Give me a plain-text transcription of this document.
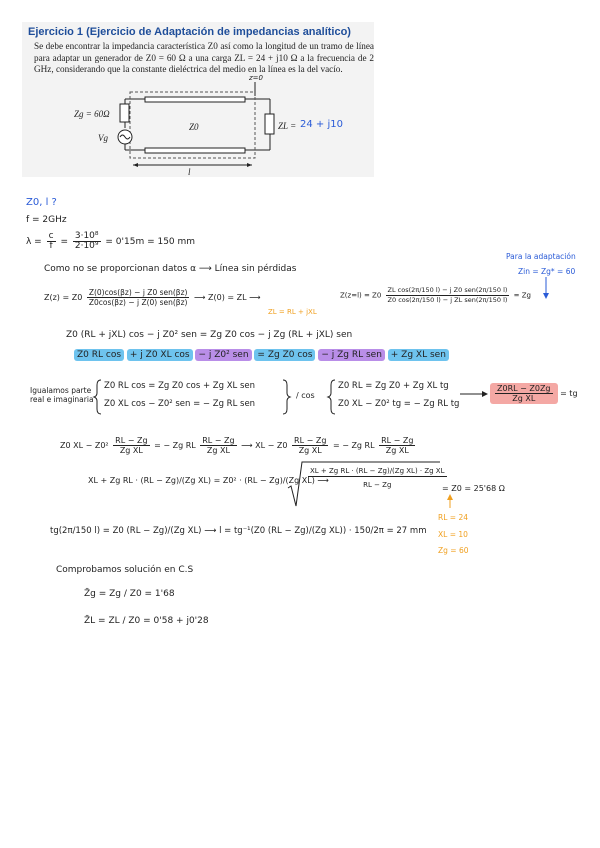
Ejercicio 1 (Ejercicio de Adaptación de impedancias analítico)
Se debe encontrar la impedancia característica Z0 así como la longitud de un tramo de línea para adaptar un generador de Z0 = 60 Ω a una carga ZL = 24 + j10 Ω a la frecuencia de 2 GHz, considerando que la constante dieléctrica del medio en la línea es la del vacío.
Zg = 60Ω
Vg
Z0
z=0
l
ZL = 24 + j10
Z0, l ?
f = 2GHz
$\lambda = \frac{c}{f} = \frac{\text{3·10⁸}}{\text{2·10⁹}} = 0'15m = 150$ mm
Para la adaptación
Zin = Zg* = 60
Como no se proporcionan datos α ⟶ Línea sin pérdidas
$Z(z) = Z0 \frac{\text{Z(0)cos(βz) − j Z0 sen(βz)}}{\text{Z0cos(βz) − j Z(0) sen(βz)}}$ ⟶ Z(0) = ZL ⟶
ZL = RL + jXL
$Z(z=l) = Z0 \frac{\text{ZL cos(2π/150 l) − j Z0 sen(2π/150 l)}}{\text{Z0 cos(2π/150 l) − j ZL sen(2π/150 l)}} = Zg$
Z0 (RL + jXL) cos − j Z0² sen = Zg Z0 cos − j Zg (RL + jXL) sen
Z0 RL cos + j Z0 XL cos − j Z0² sen = Zg Z0 cos − j Zg RL sen + Zg XL sen
Igualamos parte real e imaginaria
Z0 RL cos = Zg Z0 cos + Zg XL sen
Z0 XL cos − Z0² sen = − Zg RL sen
/ cos
Z0 RL = Zg Z0 + Zg XL tg
Z0 XL − Z0² tg = − Zg RL tg
$\frac{Z0RL - Z0Zg}{\text{Zg XL}}$ = tg
Z0 XL − $Z0^2 \frac{RL - Zg}{\text{Zg XL}}$ = − Zg RL $\frac{RL - Zg}{\text{Zg XL}}$ ⟶ XL − $Z0 \frac{RL - Zg}{\text{Zg XL}}$ = − Zg RL $\frac{RL - Zg}{\text{Zg XL}}$
XL + Zg RL · (RL − Zg)/(Zg XL) = Z0² · (RL − Zg)/(Zg XL) ⟶
$\frac{\text{XL + Zg RL · (RL − Zg)/(Zg XL) · Zg XL}}{RL - Zg}$
= Z0 = 25'68 Ω
RL = 24
XL = 10
Zg = 60
tg(2π/150 l) = Z0 (RL − Zg)/(Zg XL) ⟶ l = tg⁻¹(Z0 (RL − Zg)/(Zg XL)) · 150/2π = 27 mm
Comprobamos solución en C.S
Z̄g = Zg / Z0 = 1'68
Z̄L = ZL / Z0 = 0'58 + j0'28
